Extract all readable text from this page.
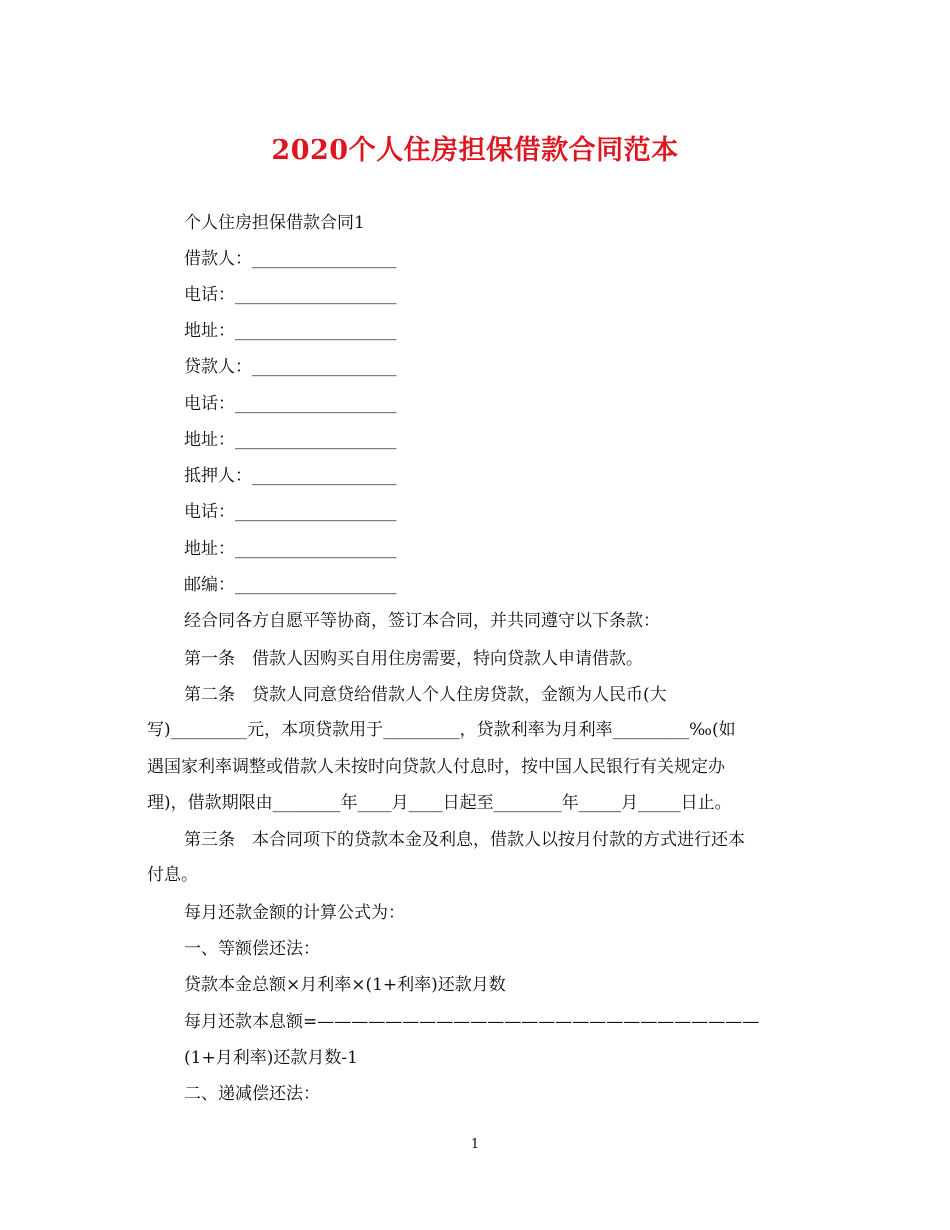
2020个人住房担保借款合同范本
个人住房担保借款合同1
借款人：_________________
电话：___________________
地址：___________________
贷款人：_________________
电话：___________________
地址：___________________
抵押人：_________________
电话：___________________
地址：___________________
邮编：___________________
经合同各方自愿平等协商，签订本合同，并共同遵守以下条款：
第一条　借款人因购买自用住房需要，特向贷款人申请借款。
第二条　贷款人同意贷给借款人个人住房贷款，金额为人民币(大
写)_________元，本项贷款用于_________，贷款利率为月利率_________‰(如
遇国家利率调整或借款人未按时向贷款人付息时，按中国人民银行有关规定办
理)，借款期限由________年____月____日起至________年_____月_____日止。
第三条　本合同项下的贷款本金及利息，借款人以按月付款的方式进行还本
付息。
每月还款金额的计算公式为：
一、等额偿还法：
贷款本金总额×月利率×(1+利率)还款月数
每月还款本息额=——————————————————————————
(1+月利率)还款月数-1
二、递减偿还法：
1
